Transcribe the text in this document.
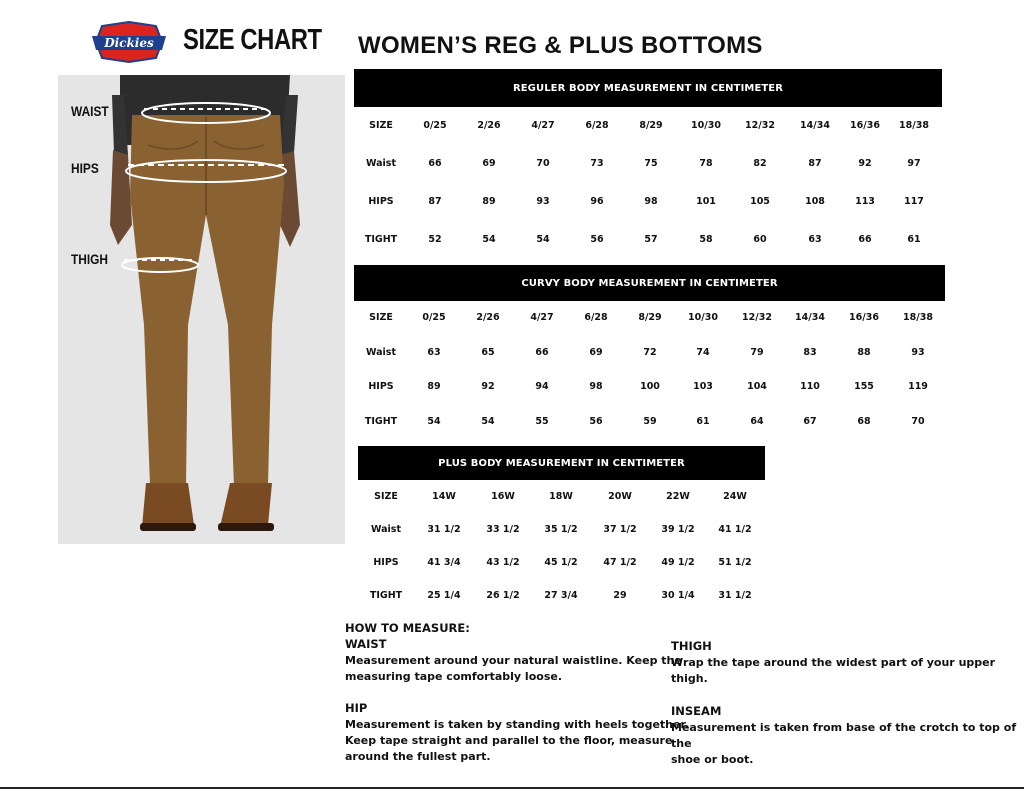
Dickies SIZE CHART WOMEN’S REG & PLUS BOTTOMS
WAIST
HIPS
THIGH
REGULER BODY MEASUREMENT IN CENTIMETER
SIZE	0/25	2/26	4/27	6/28	8/29	10/30	12/32	14/34 16/36 18/38
Waist	66	69	70	73	75	78	82	87	92	97
HIPS	87	89	93	96	98	101	105	108	113	117
TIGHT	52	54	54	56	57	58	60	63	66	61
CURVY BODY MEASUREMENT IN CENTIMETER
SIZE	0/25	2/26	4/27	6/28	8/29	10/30	12/32 14/34	16/36	18/38
Waist	63	65	66	69	72	74	79	83	88	93
HIPS	89	92	94	98	100	103	104	110	155	119
TIGHT	54	54	55	56	59	61	64	67	68	70
PLUS BODY MEASUREMENT IN CENTIMETER
SIZE	14W	16W	18W	20W	22W	24W
Waist	31 1/2	33 1/2	35 1/2	37 1/2	39 1/2	41 1/2
HIPS	41 3/4	43 1/2	45 1/2	47 1/2	49 1/2	51 1/2
TIGHT	25 1/4	26 1/2	27 3/4	29	30 1/4	31 1/2
HOW TO MEASURE:
WAIST
Measurement around your natural waistline. Keep the
measuring tape comfortably loose.
HIP
Measurement is taken by standing with heels together.
Keep tape straight and parallel to the floor, measure
around the fullest part.
THIGH
Wrap the tape around the widest part of your upper thigh.
INSEAM
Measurement is taken from base of the crotch to top of the
shoe or boot.
